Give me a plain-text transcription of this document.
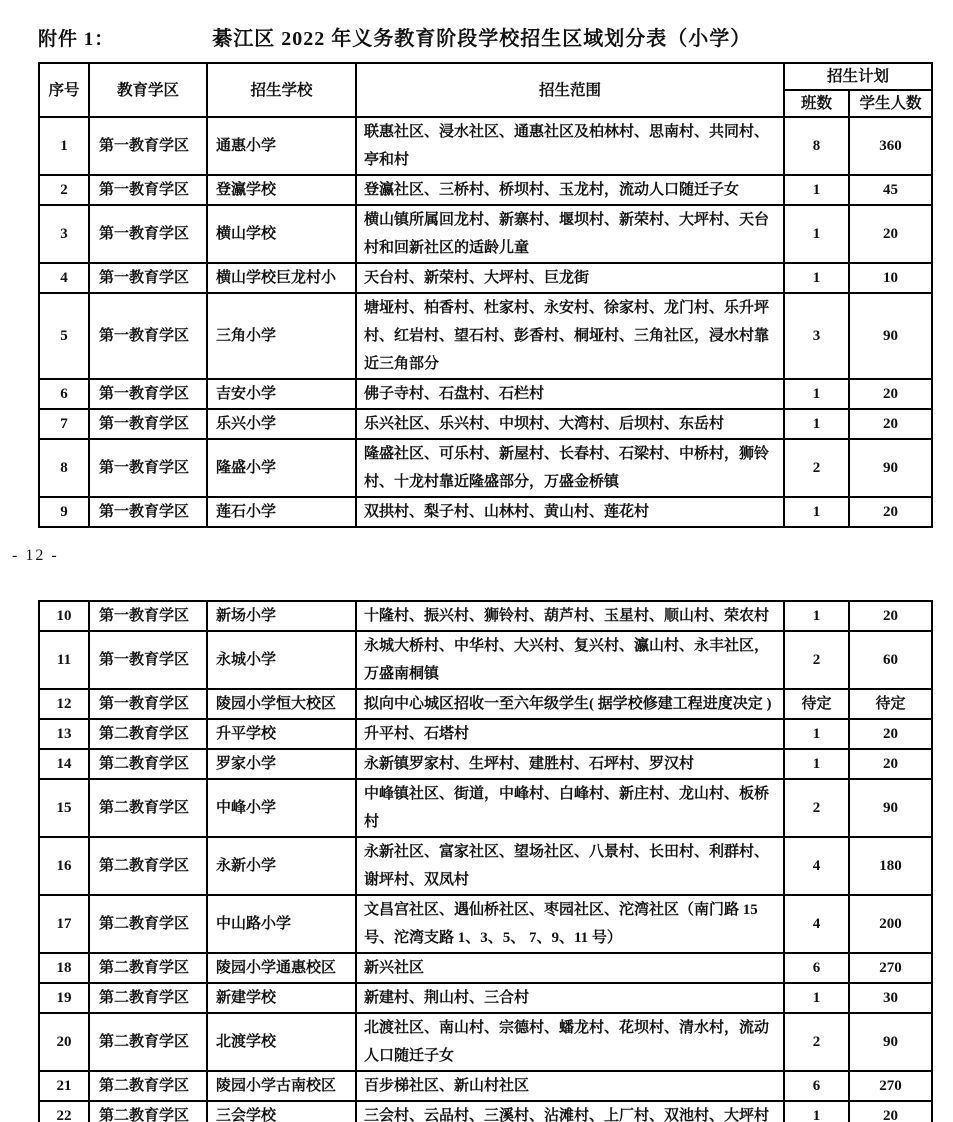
附件 1：	綦江区 2022 年义务教育阶段学校招生区域划分表（小学）
序号	教育学区	招生学校	招生范围	招生计划	
				班数	学生人数
1	第一教育学区	通惠小学	联惠社区、浸水社区、通惠社区及柏林村、思南村、共同村、亭和村	8	360
2	第一教育学区	登瀛学校	登瀛社区、三桥村、桥坝村、玉龙村，流动人口随迁子女	1	45
3	第一教育学区	横山学校	横山镇所属回龙村、新寨村、堰坝村、新荣村、大坪村、天台村和回新社区的适龄儿童	1	20
4	第一教育学区	横山学校巨龙村小	天台村、新荣村、大坪村、巨龙街	1	10
5	第一教育学区	三角小学	塘垭村、柏香村、杜家村、永安村、徐家村、龙门村、乐升坪村、红岩村、望石村、彭香村、桐垭村、三角社区，浸水村靠近三角部分	3	90
6	第一教育学区	吉安小学	佛子寺村、石盘村、石栏村	1	20
7	第一教育学区	乐兴小学	乐兴社区、乐兴村、中坝村、大湾村、后坝村、东岳村	1	20
8	第一教育学区	隆盛小学	隆盛社区、可乐村、新屋村、长春村、石梁村、中桥村，狮铃村、十龙村靠近隆盛部分，万盛金桥镇	2	90
9	第一教育学区	莲石小学	双拱村、梨子村、山林村、黄山村、莲花村	1	20
- 12 -
10	第一教育学区	新场小学	十隆村、振兴村、狮铃村、葫芦村、玉星村、顺山村、荣农村	1	20
11	第一教育学区	永城小学	永城大桥村、中华村、大兴村、复兴村、瀛山村、永丰社区，万盛南桐镇	2	60
12	第一教育学区	陵园小学恒大校区	拟向中心城区招收一至六年级学生( 据学校修建工程进度决定 )	待定	待定
13	第二教育学区	升平学校	升平村、石塔村	1	20
14	第二教育学区	罗家小学	永新镇罗家村、生坪村、建胜村、石坪村、罗汉村	1	20
15	第二教育学区	中峰小学	中峰镇社区、街道，中峰村、白峰村、新庄村、龙山村、板桥村	2	90
16	第二教育学区	永新小学	永新社区、富家社区、望场社区、八景村、长田村、利群村、谢坪村、双凤村	4	180
17	第二教育学区	中山路小学	文昌宫社区、遇仙桥社区、枣园社区、沱湾社区（南门路 15 号、沱湾支路 1、3、5、 7、9、11 号）	4	200
18	第二教育学区	陵园小学通惠校区	新兴社区	6	270
19	第二教育学区	新建学校	新建村、荆山村、三合村	1	30
20	第二教育学区	北渡学校	北渡社区、南山村、宗德村、蟠龙村、花坝村、清水村，流动人口随迁子女	2	90
21	第二教育学区	陵园小学古南校区	百步梯社区、新山村社区	6	270
22	第二教育学区	三会学校	三会村、云品村、三溪村、沾滩村、上厂村、双池村、大坪村	1	20
